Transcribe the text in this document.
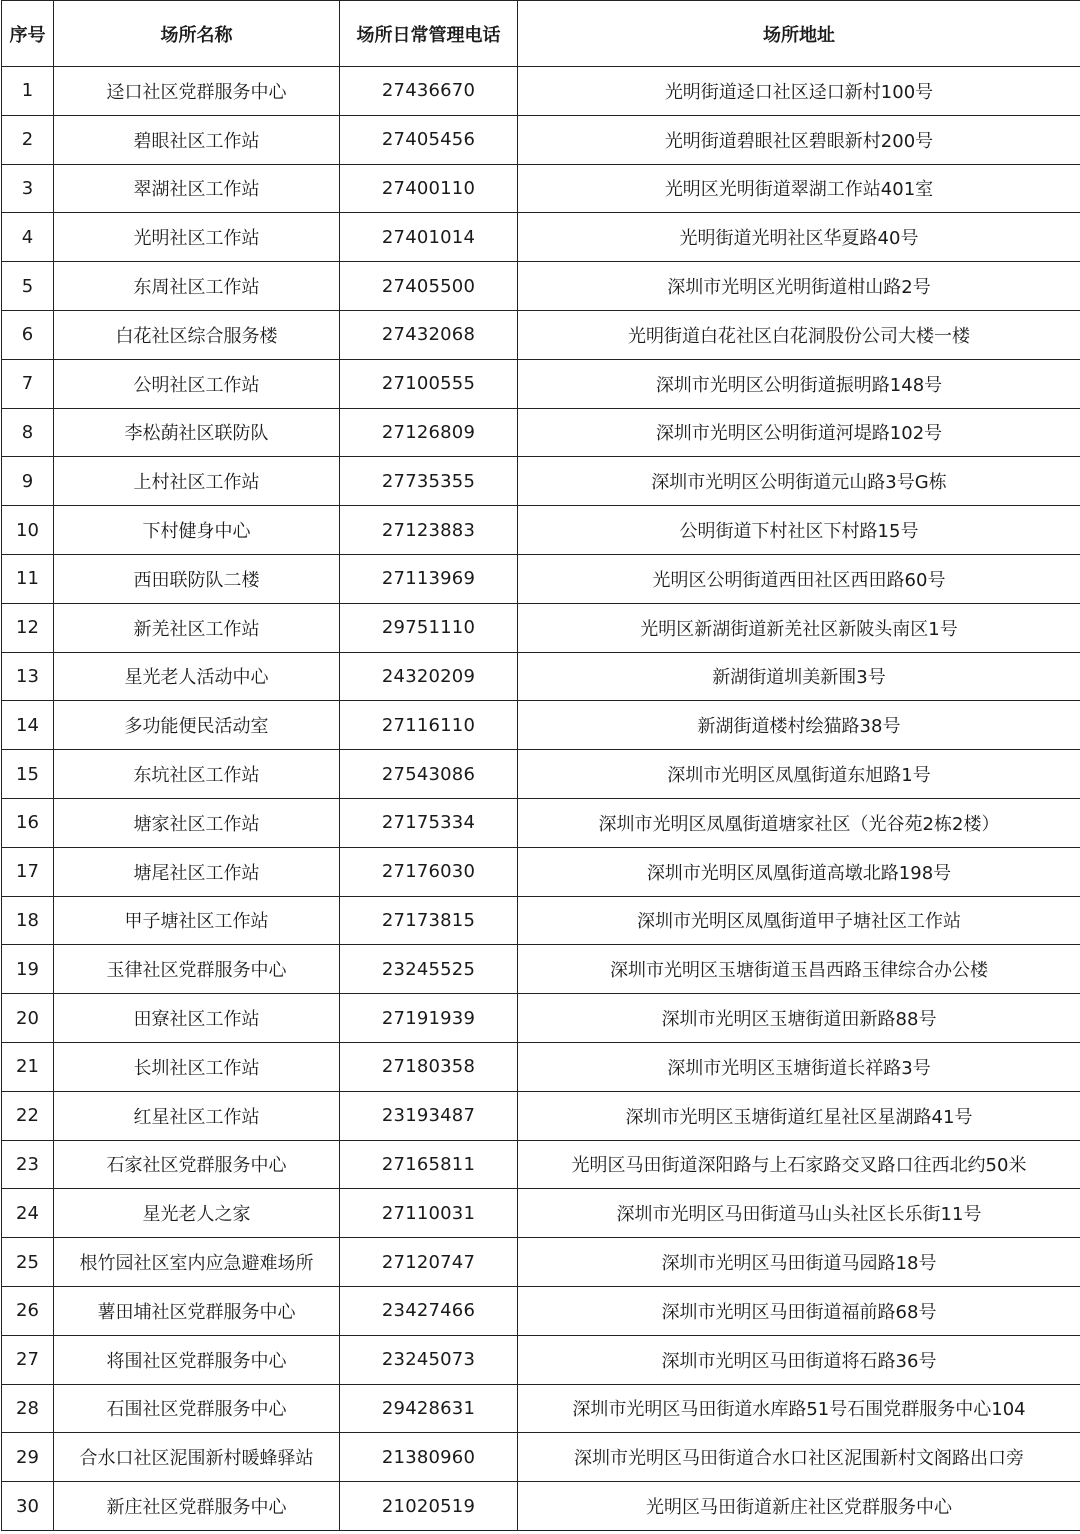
序号	场所名称	场所日常管理电话	场所地址
1	迳口社区党群服务中心	27436670	光明街道迳口社区迳口新村100号
2	碧眼社区工作站	27405456	光明街道碧眼社区碧眼新村200号
3	翠湖社区工作站	27400110	光明区光明街道翠湖工作站401室
4	光明社区工作站	27401014	光明街道光明社区华夏路40号
5	东周社区工作站	27405500	深圳市光明区光明街道柑山路2号
6	白花社区综合服务楼	27432068	光明街道白花社区白花洞股份公司大楼一楼
7	公明社区工作站	27100555	深圳市光明区公明街道振明路148号
8	李松蓢社区联防队	27126809	深圳市光明区公明街道河堤路102号
9	上村社区工作站	27735355	深圳市光明区公明街道元山路3号G栋
10	下村健身中心	27123883	公明街道下村社区下村路15号
11	西田联防队二楼	27113969	光明区公明街道西田社区西田路60号
12	新羌社区工作站	29751110	光明区新湖街道新羌社区新陂头南区1号
13	星光老人活动中心	24320209	新湖街道圳美新围3号
14	多功能便民活动室	27116110	新湖街道楼村绘猫路38号
15	东坑社区工作站	27543086	深圳市光明区凤凰街道东旭路1号
16	塘家社区工作站	27175334	深圳市光明区凤凰街道塘家社区（光谷苑2栋2楼）
17	塘尾社区工作站	27176030	深圳市光明区凤凰街道高墩北路198号
18	甲子塘社区工作站	27173815	深圳市光明区凤凰街道甲子塘社区工作站
19	玉律社区党群服务中心	23245525	深圳市光明区玉塘街道玉昌西路玉律综合办公楼
20	田寮社区工作站	27191939	深圳市光明区玉塘街道田新路88号
21	长圳社区工作站	27180358	深圳市光明区玉塘街道长祥路3号
22	红星社区工作站	23193487	深圳市光明区玉塘街道红星社区星湖路41号
23	石家社区党群服务中心	27165811	光明区马田街道深阳路与上石家路交叉路口往西北约50米
24	星光老人之家	27110031	深圳市光明区马田街道马山头社区长乐街11号
25	根竹园社区室内应急避难场所	27120747	深圳市光明区马田街道马园路18号
26	薯田埔社区党群服务中心	23427466	深圳市光明区马田街道福前路68号
27	将围社区党群服务中心	23245073	深圳市光明区马田街道将石路36号
28	石围社区党群服务中心	29428631	深圳市光明区马田街道水库路51号石围党群服务中心104
29	合水口社区泥围新村暖蜂驿站	21380960	深圳市光明区马田街道合水口社区泥围新村文阁路出口旁
30	新庄社区党群服务中心	21020519	光明区马田街道新庄社区党群服务中心
